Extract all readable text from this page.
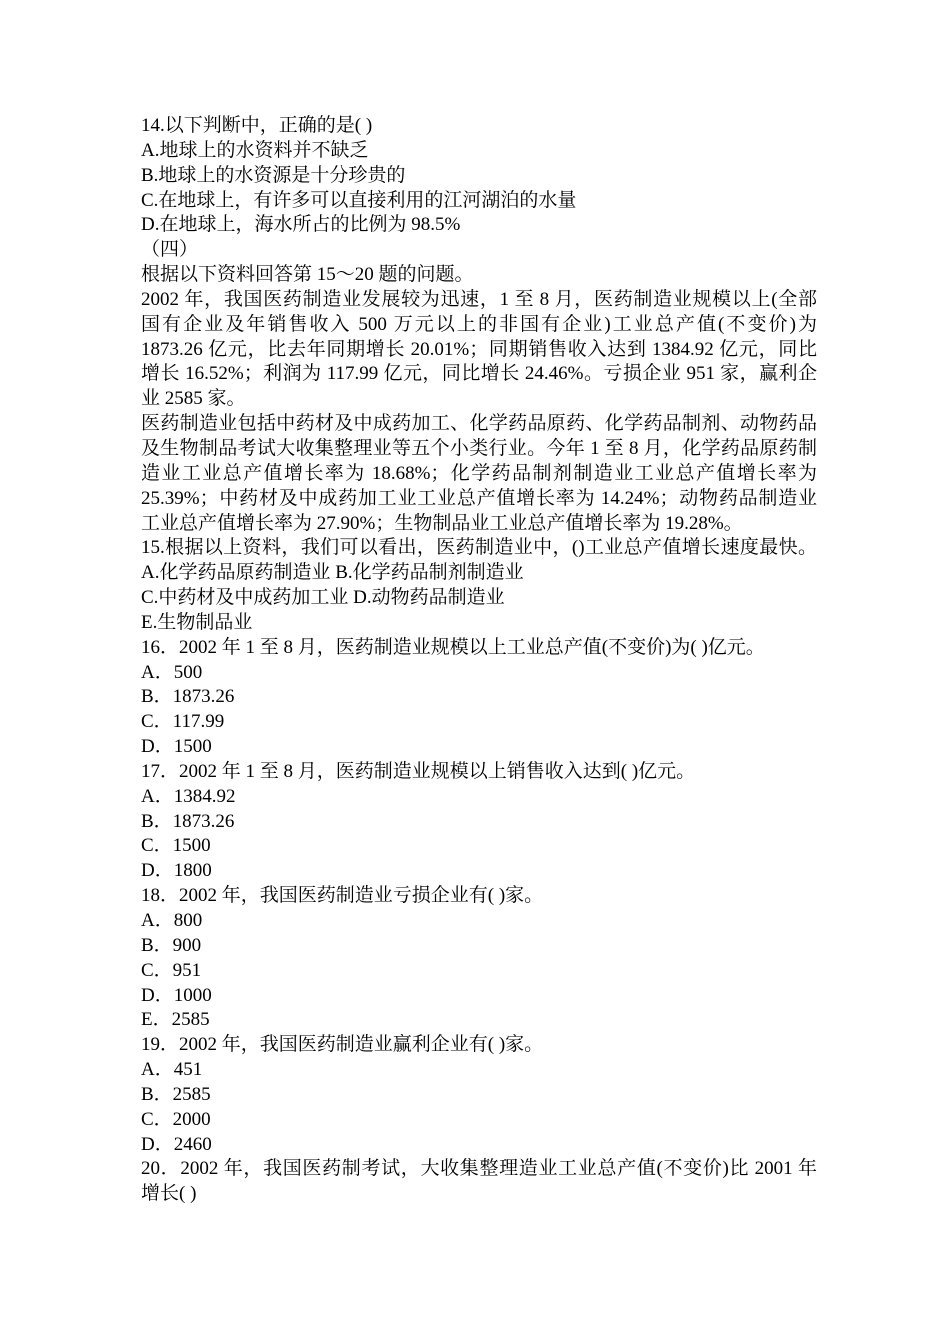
14.以下判断中，正确的是( )
A.地球上的水资料并不缺乏
B.地球上的水资源是十分珍贵的
C.在地球上，有许多可以直接利用的江河湖泊的水量
D.在地球上，海水所占的比例为 98.5%
（四）
根据以下资料回答第 15～20 题的问题。
2002 年，我国医药制造业发展较为迅速，1 至 8 月，医药制造业规模以上(全部
国有企业及年销售收入 500 万元以上的非国有企业)工业总产值(不变价)为
1873.26 亿元，比去年同期增长 20.01%；同期销售收入达到 1384.92 亿元，同比
增长 16.52%；利润为 117.99 亿元，同比增长 24.46%。亏损企业 951 家，赢利企
业 2585 家。
医药制造业包括中药材及中成药加工、化学药品原药、化学药品制剂、动物药品
及生物制品考试大收集整理业等五个小类行业。今年 1 至 8 月，化学药品原药制
造业工业总产值增长率为 18.68%；化学药品制剂制造业工业总产值增长率为
25.39%；中药材及中成药加工业工业总产值增长率为 14.24%；动物药品制造业
工业总产值增长率为 27.90%；生物制品业工业总产值增长率为 19.28%。
15.根据以上资料，我们可以看出，医药制造业中，()工业总产值增长速度最快。
A.化学药品原药制造业 B.化学药品制剂制造业
C.中药材及中成药加工业 D.动物药品制造业
E.生物制品业
16．2002 年 1 至 8 月，医药制造业规模以上工业总产值(不变价)为( )亿元。
A．500
B．1873.26
C．117.99
D．1500
17．2002 年 1 至 8 月，医药制造业规模以上销售收入达到( )亿元。
A．1384.92
B．1873.26
C．1500
D．1800
18．2002 年，我国医药制造业亏损企业有( )家。
A．800
B．900
C．951
D．1000
E．2585
19．2002 年，我国医药制造业赢利企业有( )家。
A．451
B．2585
C．2000
D．2460
20．2002 年，我国医药制考试，大收集整理造业工业总产值(不变价)比 2001 年
增长( )
